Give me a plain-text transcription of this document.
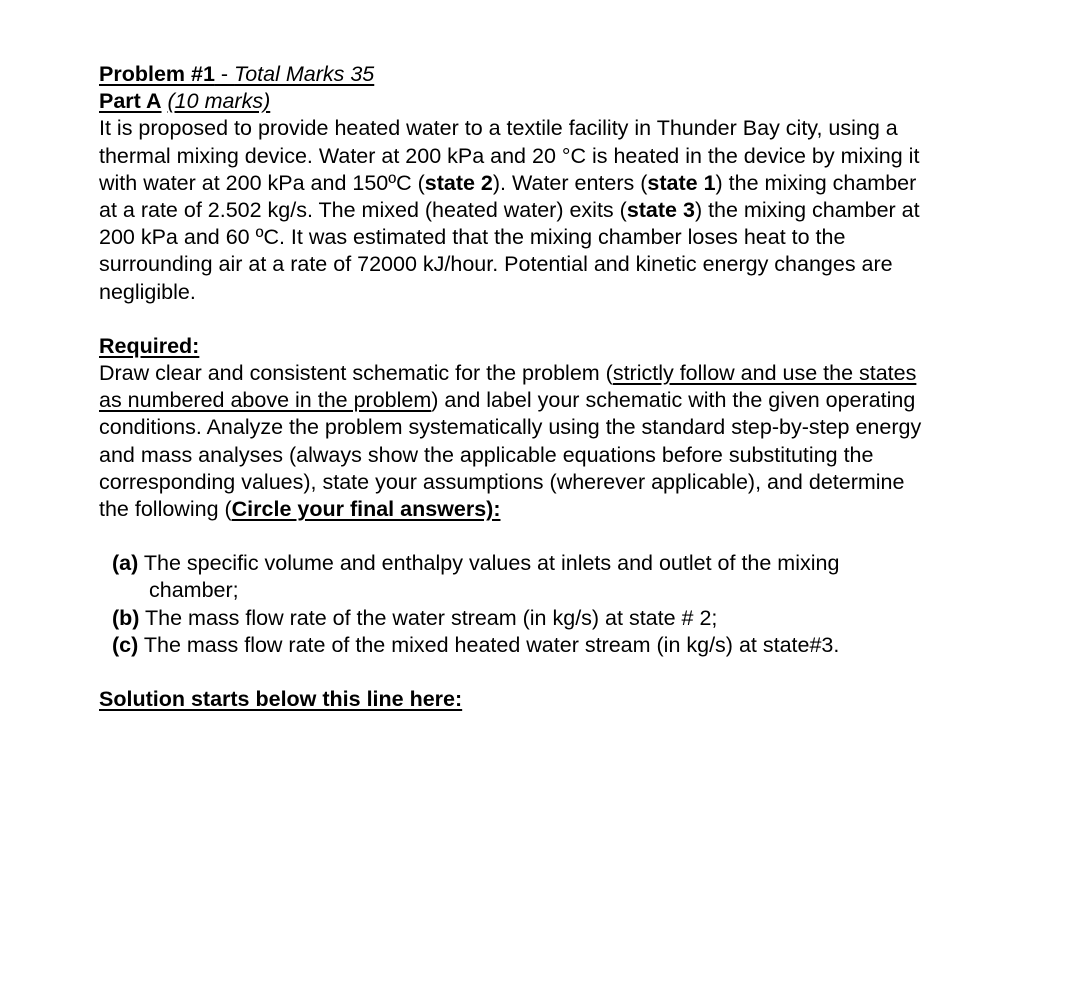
Problem #1 - Total Marks 35
Part A (10 marks)
It is proposed to provide heated water to a textile facility in Thunder Bay city, using a
thermal mixing device. Water at 200 kPa and 20 °C is heated in the device by mixing it
with water at 200 kPa and 150ºC (state 2). Water enters (state 1) the mixing chamber
at a rate of 2.502 kg/s. The mixed (heated water) exits (state 3) the mixing chamber at
200 kPa and 60 ºC. It was estimated that the mixing chamber loses heat to the
surrounding air at a rate of 72000 kJ/hour. Potential and kinetic energy changes are
negligible.
Required:
Draw clear and consistent schematic for the problem (strictly follow and use the states
as numbered above in the problem) and label your schematic with the given operating
conditions. Analyze the problem systematically using the standard step-by-step energy
and mass analyses (always show the applicable equations before substituting the
corresponding values), state your assumptions (wherever applicable), and determine
the following (Circle your final answers):
(a) The specific volume and enthalpy values at inlets and outlet of the mixing
chamber;
(b) The mass flow rate of the water stream (in kg/s) at state # 2;
(c) The mass flow rate of the mixed heated water stream (in kg/s) at state#3.
Solution starts below this line here:
